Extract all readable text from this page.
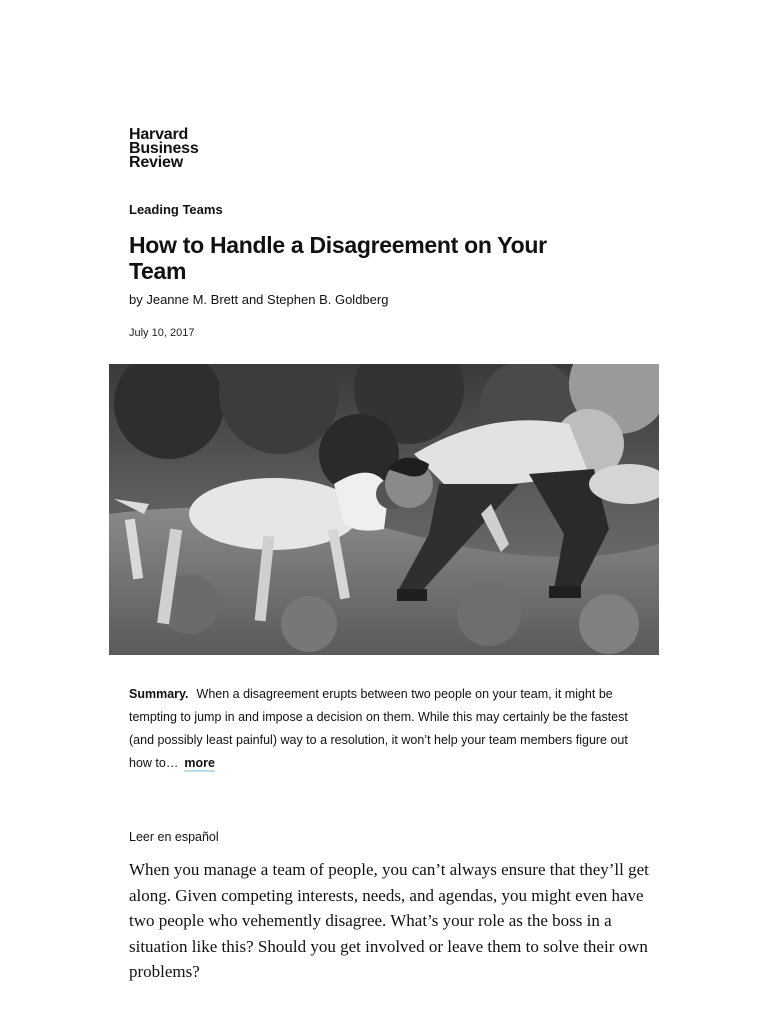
Harvard
Business
Review
Leading Teams
How to Handle a Disagreement on Your Team
by Jeanne M. Brett and Stephen B. Goldberg
July 10, 2017
Summary. When a disagreement erupts between two people on your team, it might be tempting to jump in and impose a decision on them. While this may certainly be the fastest (and possibly least painful) way to a resolution, it won’t help your team members figure out how to… more
Leer en español

When you manage a team of people, you can’t always ensure that they’ll get along. Given competing interests, needs, and agendas, you might even have two people who vehemently disagree. What’s your role as the boss in a situation like this? Should you get involved or leave them to solve their own problems?
